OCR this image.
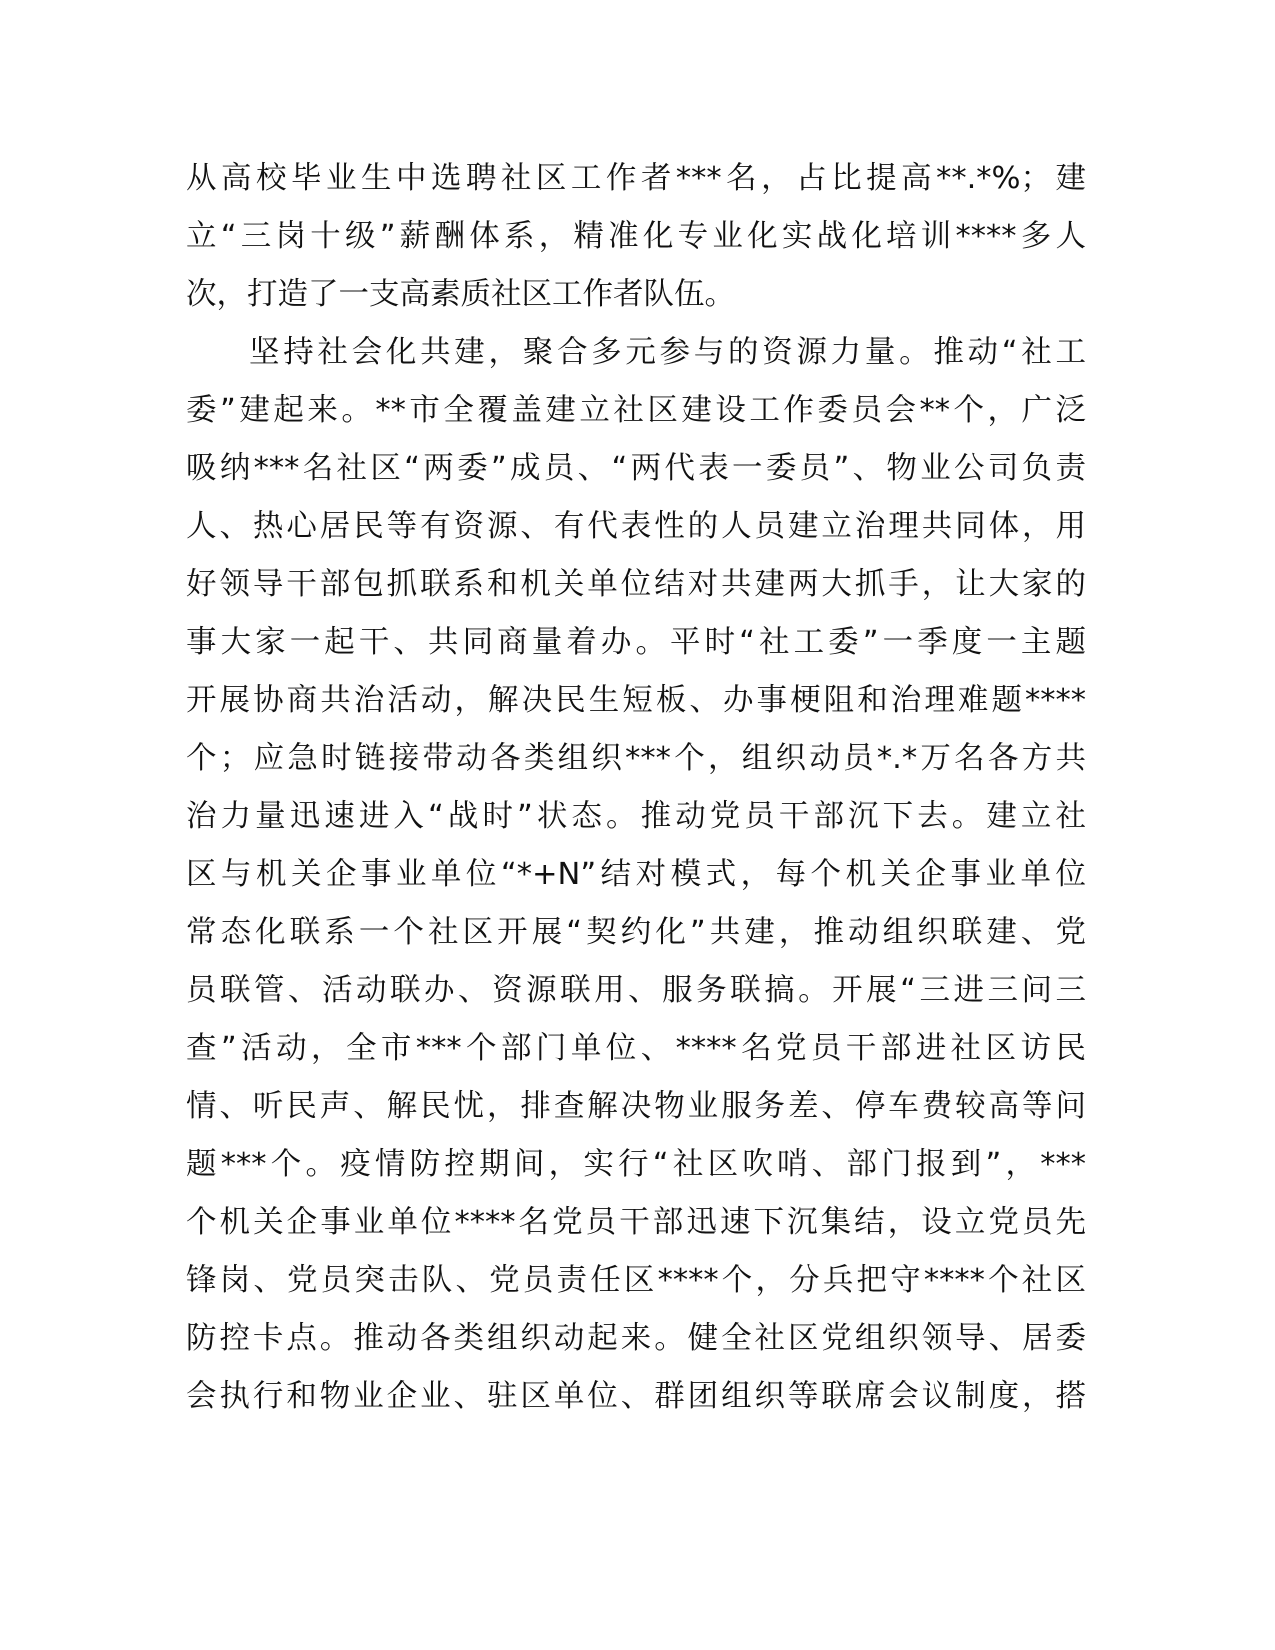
从高校毕业生中选聘社区工作者***名，占比提高**.*%；建
立“三岗十级”薪酬体系，精准化专业化实战化培训****多人
次，打造了一支高素质社区工作者队伍。
坚持社会化共建，聚合多元参与的资源力量。推动“社工
委”建起来。**市全覆盖建立社区建设工作委员会**个，广泛
吸纳***名社区“两委”成员、“两代表一委员”、物业公司负责
人、热心居民等有资源、有代表性的人员建立治理共同体，用
好领导干部包抓联系和机关单位结对共建两大抓手，让大家的
事大家一起干、共同商量着办。平时“社工委”一季度一主题
开展协商共治活动，解决民生短板、办事梗阻和治理难题****
个；应急时链接带动各类组织***个，组织动员*.*万名各方共
治力量迅速进入“战时”状态。推动党员干部沉下去。建立社
区与机关企事业单位“*+N”结对模式，每个机关企事业单位
常态化联系一个社区开展“契约化”共建，推动组织联建、党
员联管、活动联办、资源联用、服务联搞。开展“三进三问三
查”活动，全市***个部门单位、****名党员干部进社区访民
情、听民声、解民忧，排查解决物业服务差、停车费较高等问
题***个。疫情防控期间，实行“社区吹哨、部门报到”，***
个机关企事业单位****名党员干部迅速下沉集结，设立党员先
锋岗、党员突击队、党员责任区****个，分兵把守****个社区
防控卡点。推动各类组织动起来。健全社区党组织领导、居委
会执行和物业企业、驻区单位、群团组织等联席会议制度，搭
